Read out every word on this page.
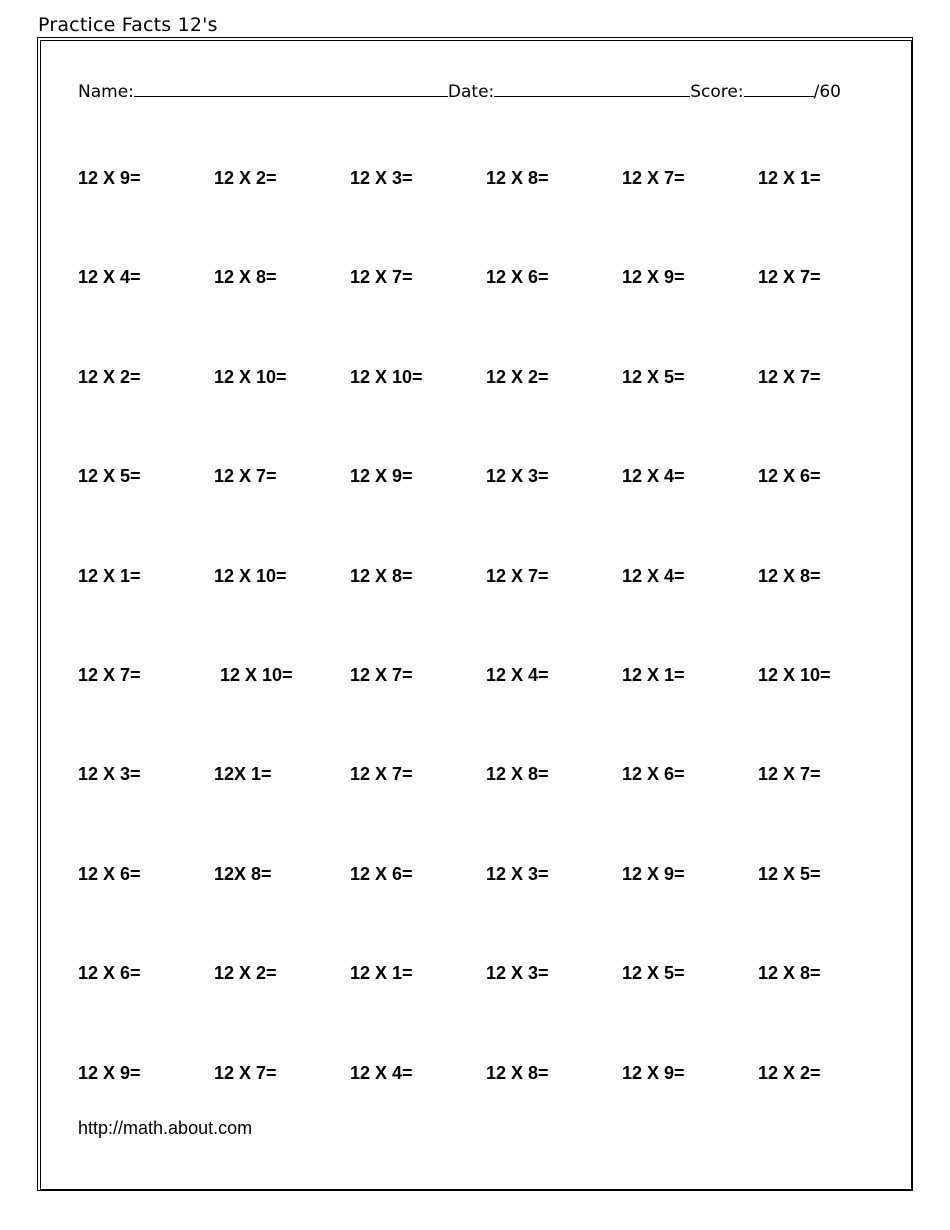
Practice Facts 12's
Name:	Date:	Score:	/60
12 X 9=	12 X 2=	12 X 3=	12 X 8=	12 X 7=	12 X 1=
12 X 4=	12 X 8=	12 X 7=	12 X 6=	12 X 9=	12 X 7=
12 X 2=	12 X 10=	12 X 10=	12 X 2=	12 X 5=	12 X 7=
12 X 5=	12 X 7=	12 X 9=	12 X 3=	12 X 4=	12 X 6=
12 X 1=	12 X 10=	12 X 8=	12 X 7=	12 X 4=	12 X 8=
12 X 7=	12 X 10=	12 X 7=	12 X 4=	12 X 1=	12 X 10=
12 X 3=	12X 1=	12 X 7=	12 X 8=	12 X 6=	12 X 7=
12 X 6=	12X 8=	12 X 6=	12 X 3=	12 X 9=	12 X 5=
12 X 6=	12 X 2=	12 X 1=	12 X 3=	12 X 5=	12 X 8=
12 X 9=	12 X 7=	12 X 4=	12 X 8=	12 X 9=	12 X 2=
http://math.about.com
